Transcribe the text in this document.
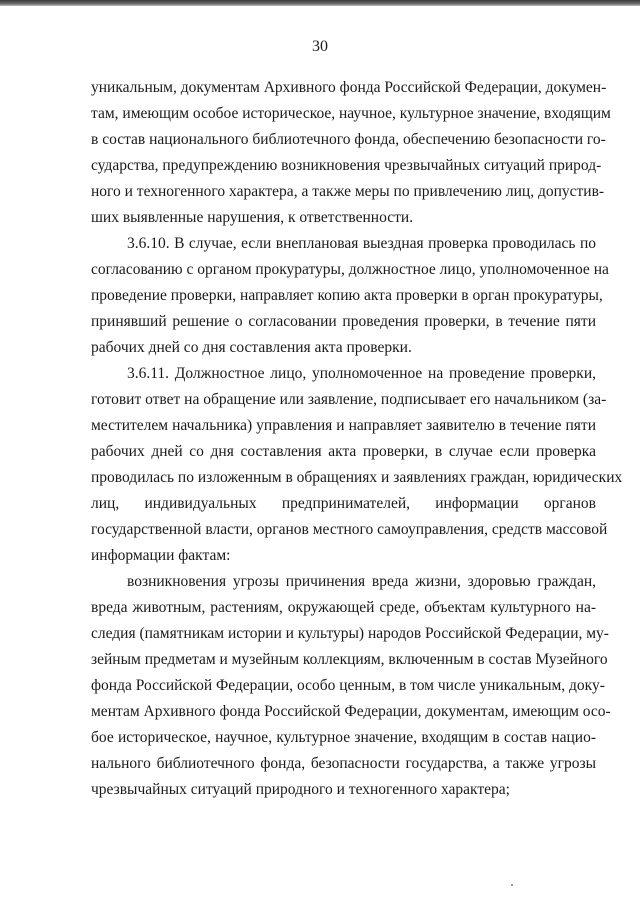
30
уникальным, документам Архивного фонда Российской Федерации, докумен-
там, имеющим особое историческое, научное, культурное значение, входящим
в состав национального библиотечного фонда, обеспечению безопасности го-
сударства, предупреждению возникновения чрезвычайных ситуаций природ-
ного и техногенного характера, а также меры по привлечению лиц, допустив-
ших выявленные нарушения, к ответственности.
3.6.10. В случае, если внеплановая выездная проверка проводилась по
согласованию с органом прокуратуры, должностное лицо, уполномоченное на
проведение проверки, направляет копию акта проверки в орган прокуратуры,
принявший решение о согласовании проведения проверки, в течение пяти
рабочих дней со дня составления акта проверки.
3.6.11. Должностное лицо, уполномоченное на проведение проверки,
готовит ответ на обращение или заявление, подписывает его начальником (за-
местителем начальника) управления и направляет заявителю в течение пяти
рабочих дней со дня составления акта проверки, в случае если проверка
проводилась по изложенным в обращениях и заявлениях граждан, юридических
лиц, индивидуальных предпринимателей, информации органов
государственной власти, органов местного самоуправления, средств массовой
информации фактам:
возникновения угрозы причинения вреда жизни, здоровью граждан,
вреда животным, растениям, окружающей среде, объектам культурного на-
следия (памятникам истории и культуры) народов Российской Федерации, му-
зейным предметам и музейным коллекциям, включенным в состав Музейного
фонда Российской Федерации, особо ценным, в том числе уникальным, доку-
ментам Архивного фонда Российской Федерации, документам, имеющим осо-
бое историческое, научное, культурное значение, входящим в состав нацио-
нального библиотечного фонда, безопасности государства, а также угрозы
чрезвычайных ситуаций природного и техногенного характера;
